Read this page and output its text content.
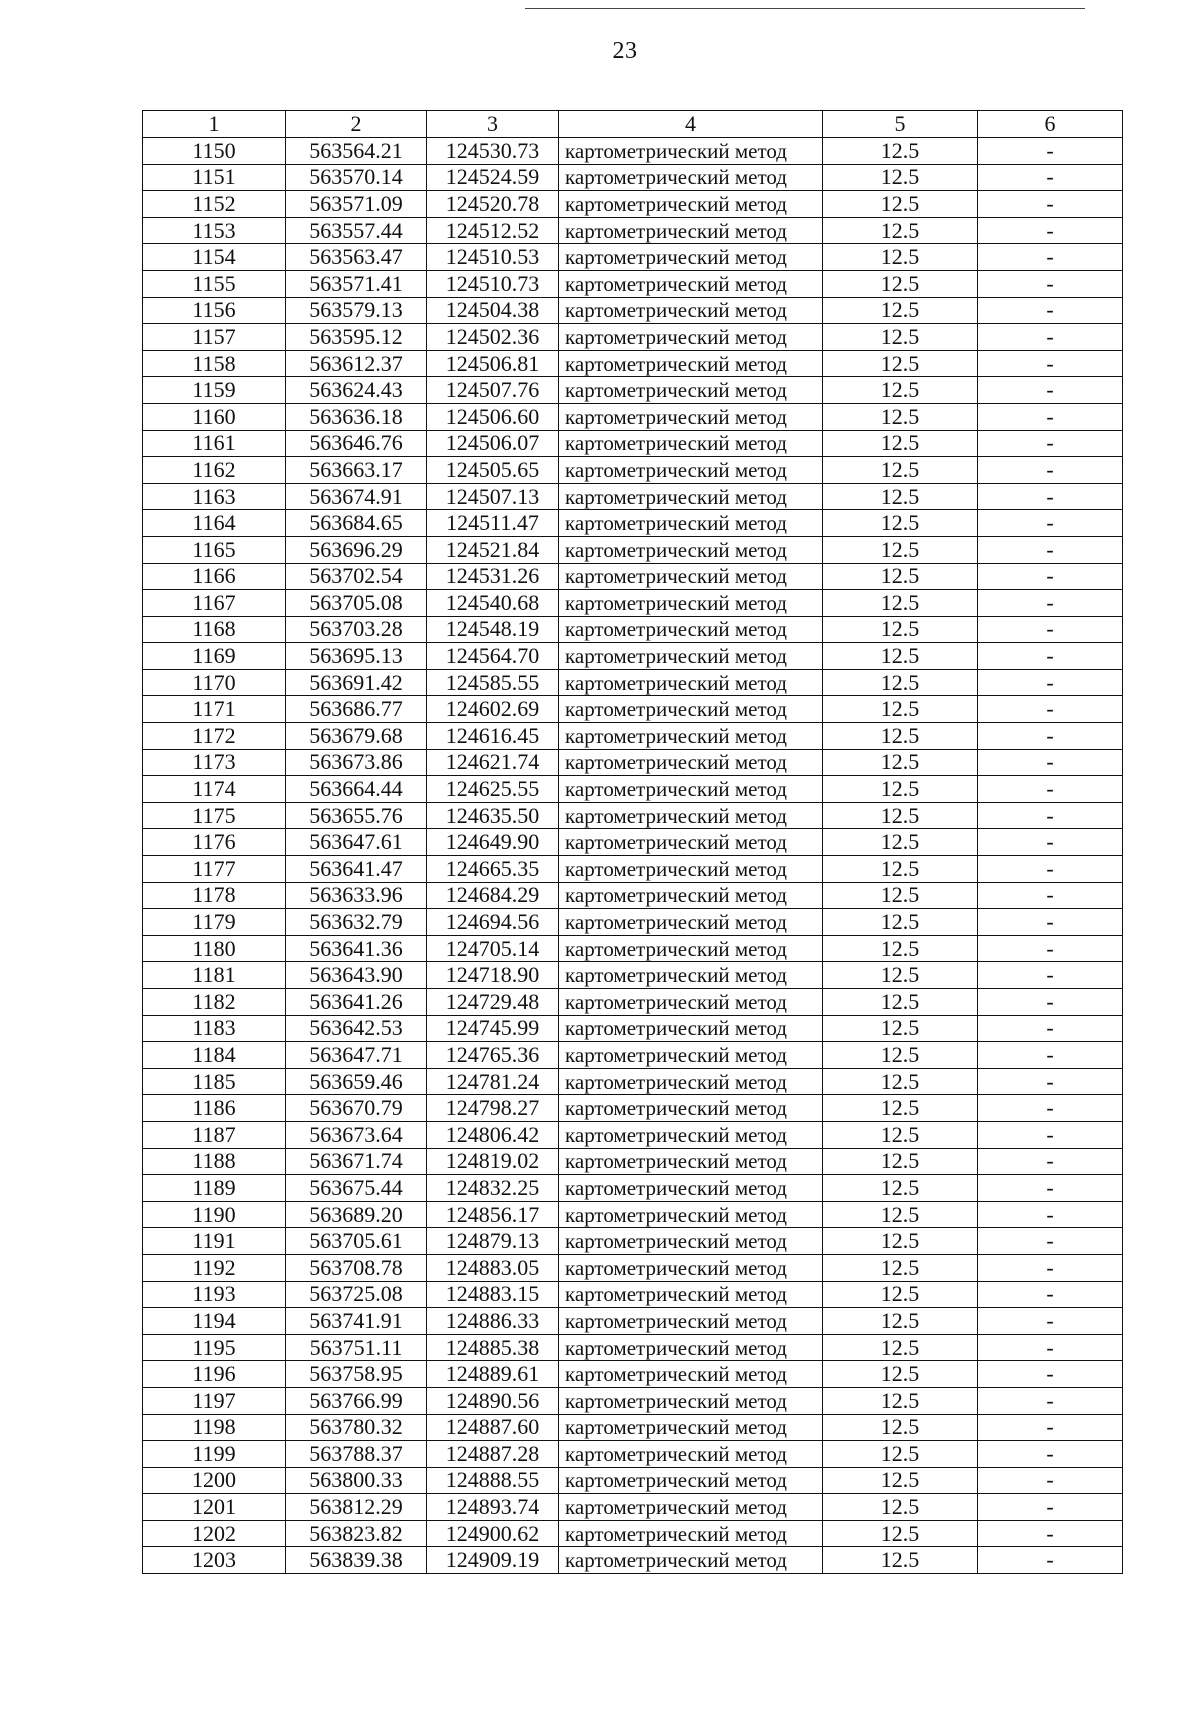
23
1	2	3	4	5	6
1150	563564.21	124530.73	картометрический метод	12.5	-
1151	563570.14	124524.59	картометрический метод	12.5	-
1152	563571.09	124520.78	картометрический метод	12.5	-
1153	563557.44	124512.52	картометрический метод	12.5	-
1154	563563.47	124510.53	картометрический метод	12.5	-
1155	563571.41	124510.73	картометрический метод	12.5	-
1156	563579.13	124504.38	картометрический метод	12.5	-
1157	563595.12	124502.36	картометрический метод	12.5	-
1158	563612.37	124506.81	картометрический метод	12.5	-
1159	563624.43	124507.76	картометрический метод	12.5	-
1160	563636.18	124506.60	картометрический метод	12.5	-
1161	563646.76	124506.07	картометрический метод	12.5	-
1162	563663.17	124505.65	картометрический метод	12.5	-
1163	563674.91	124507.13	картометрический метод	12.5	-
1164	563684.65	124511.47	картометрический метод	12.5	-
1165	563696.29	124521.84	картометрический метод	12.5	-
1166	563702.54	124531.26	картометрический метод	12.5	-
1167	563705.08	124540.68	картометрический метод	12.5	-
1168	563703.28	124548.19	картометрический метод	12.5	-
1169	563695.13	124564.70	картометрический метод	12.5	-
1170	563691.42	124585.55	картометрический метод	12.5	-
1171	563686.77	124602.69	картометрический метод	12.5	-
1172	563679.68	124616.45	картометрический метод	12.5	-
1173	563673.86	124621.74	картометрический метод	12.5	-
1174	563664.44	124625.55	картометрический метод	12.5	-
1175	563655.76	124635.50	картометрический метод	12.5	-
1176	563647.61	124649.90	картометрический метод	12.5	-
1177	563641.47	124665.35	картометрический метод	12.5	-
1178	563633.96	124684.29	картометрический метод	12.5	-
1179	563632.79	124694.56	картометрический метод	12.5	-
1180	563641.36	124705.14	картометрический метод	12.5	-
1181	563643.90	124718.90	картометрический метод	12.5	-
1182	563641.26	124729.48	картометрический метод	12.5	-
1183	563642.53	124745.99	картометрический метод	12.5	-
1184	563647.71	124765.36	картометрический метод	12.5	-
1185	563659.46	124781.24	картометрический метод	12.5	-
1186	563670.79	124798.27	картометрический метод	12.5	-
1187	563673.64	124806.42	картометрический метод	12.5	-
1188	563671.74	124819.02	картометрический метод	12.5	-
1189	563675.44	124832.25	картометрический метод	12.5	-
1190	563689.20	124856.17	картометрический метод	12.5	-
1191	563705.61	124879.13	картометрический метод	12.5	-
1192	563708.78	124883.05	картометрический метод	12.5	-
1193	563725.08	124883.15	картометрический метод	12.5	-
1194	563741.91	124886.33	картометрический метод	12.5	-
1195	563751.11	124885.38	картометрический метод	12.5	-
1196	563758.95	124889.61	картометрический метод	12.5	-
1197	563766.99	124890.56	картометрический метод	12.5	-
1198	563780.32	124887.60	картометрический метод	12.5	-
1199	563788.37	124887.28	картометрический метод	12.5	-
1200	563800.33	124888.55	картометрический метод	12.5	-
1201	563812.29	124893.74	картометрический метод	12.5	-
1202	563823.82	124900.62	картометрический метод	12.5	-
1203	563839.38	124909.19	картометрический метод	12.5	-
